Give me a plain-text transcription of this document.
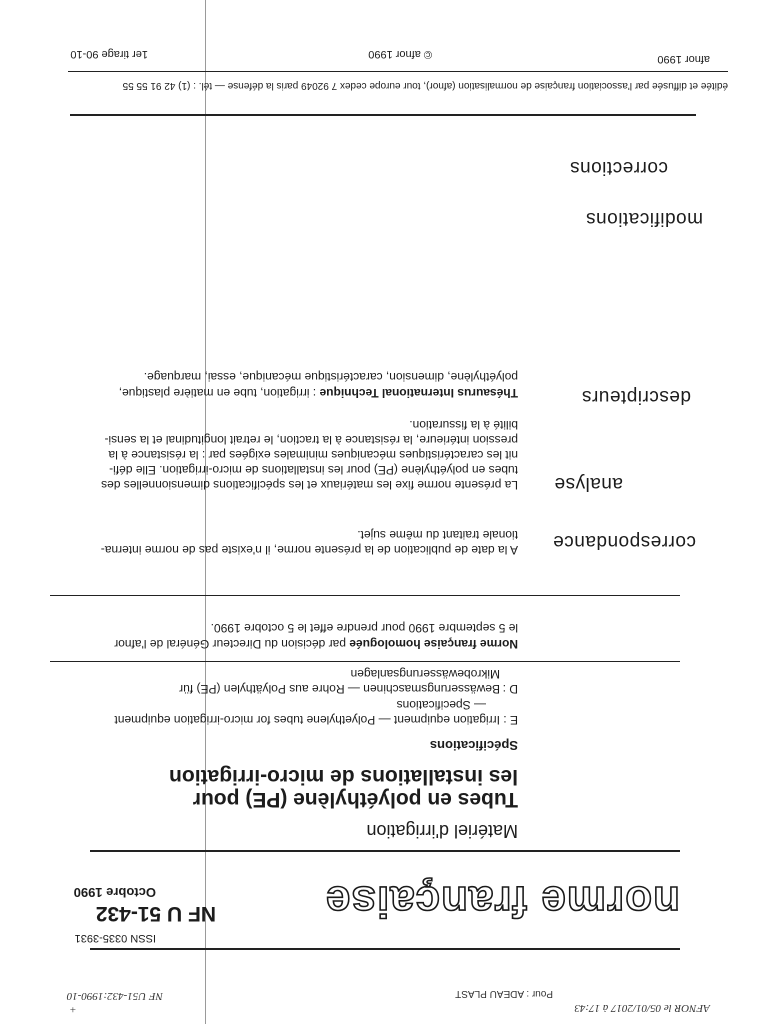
AFNOR le 05/01/2017 à 17:43
Pour : ADEAU PLAST
NF U51-432:1990-10
+
ISSN 0335-3931
norme française
NF U 51-432
Octobre 1990
Matériel d'irrigation
Tubes en polyéthylène (PE) pour
les installations de micro-irrigation
Spécifications
E :
Irrigation equipment — Polyethylene tubes for micro-irrigation equipment
— Specifications
D :
Bewässerungsmaschinen — Rohre aus Polyäthylen (PE) für
Mikrobewässerungsanlagen
Norme française homologuée par décision du Directeur Général de l'afnor
le 5 septembre 1990 pour prendre effet le 5 octobre 1990.
correspondance
A la date de publication de la présente norme, il n'existe pas de norme interna-
tionale traitant du même sujet.
analyse
La présente norme fixe les matériaux et les spécifications dimensionnelles des
tubes en polyéthylène (PE) pour les installations de micro-irrigation. Elle défi-
nit les caractéristiques mécaniques minimales exigées par : la résistance à la
pression intérieure, la résistance à la traction, le retrait longitudinal et la sensi-
bilité à la fissuration.
descripteurs
Thésaurus International Technique : irrigation, tube en matière plastique,
polyéthylène, dimension, caractéristique mécanique, essai, marquage.
modifications
corrections
éditée et diffusée par l'association française de normalisation (afnor), tour europe cedex 7 92049 paris la défense — tél. : (1) 42 91 55 55
afnor 1990
© afnor 1990
1er tirage 90-10
